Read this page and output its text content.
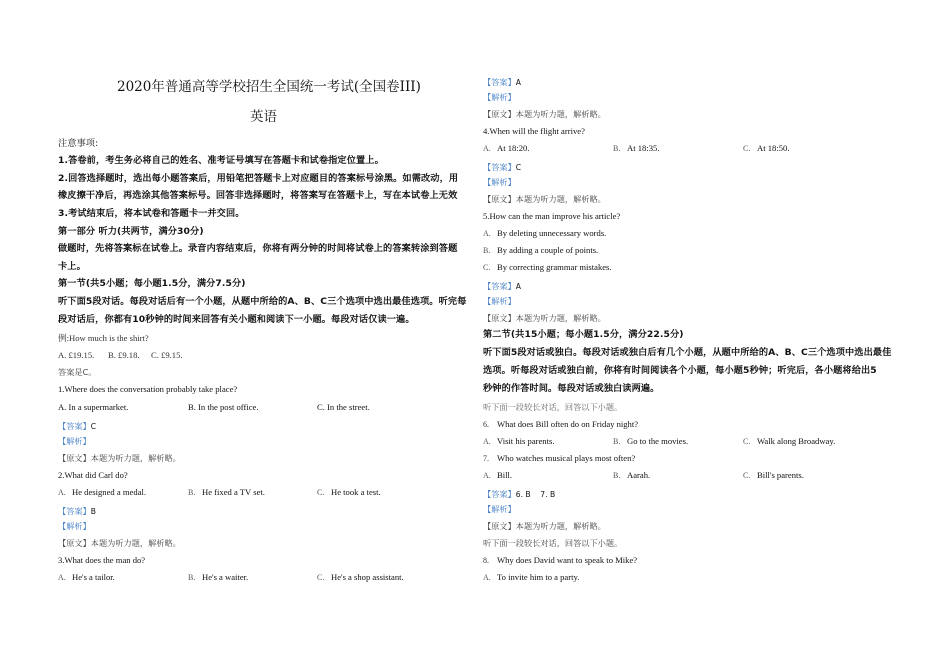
2020年普通高等学校招生全国统一考试(全国卷III)
英语
注意事项:
1.答卷前，考生务必将自己的姓名、准考证号填写在答题卡和试卷指定位置上。
2.回答选择题时，选出每小题答案后，用铅笔把答题卡上对应题目的答案标号涂黑。如需改动，用
橡皮擦干净后，再选涂其他答案标号。回答非选择题时，将答案写在答题卡上，写在本试卷上无效
3.考试结束后，将本试卷和答题卡一并交回。
第一部分 听力(共两节，满分30分)
做题时，先将答案标在试卷上。录音内容结束后，你将有两分钟的时间将试卷上的答案转涂到答题
卡上。
第一节(共5小题；每小题1.5分，满分7.5分)
听下面5段对话。每段对话后有一个小题，从题中所给的A、B、C三个选项中选出最佳选项。听完每
段对话后，你都有10秒钟的时间来回答有关小题和阅读下一小题。每段对话仅读一遍。
例:How much is the shirt?
A. £19.15. B. £9.18. C. £9.15.
答案是C。
1.Where does the conversation probably take place?
A. In a supermarket.	B. In the post office.	C. In the street.
【答案】C
【解析】
【原文】本题为听力题，解析略。
2.What did Carl do?
A. He designed a medal.	B. He fixed a TV set.	C. He took a test.
【答案】B
【解析】
【原文】本题为听力题，解析略。
3.What does the man do?
A. He's a tailor.	B. He's a waiter.	C. He's a shop assistant.
【答案】A
【解析】
【原文】本题为听力题，解析略。
4.When will the flight arrive?
A. At 18:20.	B. At 18:35.	C. At 18:50.
【答案】C
【解析】
【原文】本题为听力题，解析略。
5.How can the man improve his article?
A. By deleting unnecessary words.
B. By adding a couple of points.
C. By correcting grammar mistakes.
【答案】A
【解析】
【原文】本题为听力题，解析略。
第二节(共15小题；每小题1.5分，满分22.5分)
听下面5段对话或独白。每段对话或独白后有几个小题，从题中所给的A、B、C三个选项中选出最佳
选项。听每段对话或独白前，你将有时间阅读各个小题，每小题5秒钟；听完后，各小题将给出5
秒钟的作答时间。每段对话或独白读两遍。
听下面一段较长对话，回答以下小题。
6. What does Bill often do on Friday night?
A. Visit his parents.	B. Go to the movies.	C. Walk along Broadway.
7. Who watches musical plays most often?
A. Bill.	B. Aarah.	C. Bill's parents.
【答案】6. B    7. B
【解析】
【原文】本题为听力题，解析略。
听下面一段较长对话，回答以下小题。
8. Why does David want to speak to Mike?
A. To invite him to a party.
